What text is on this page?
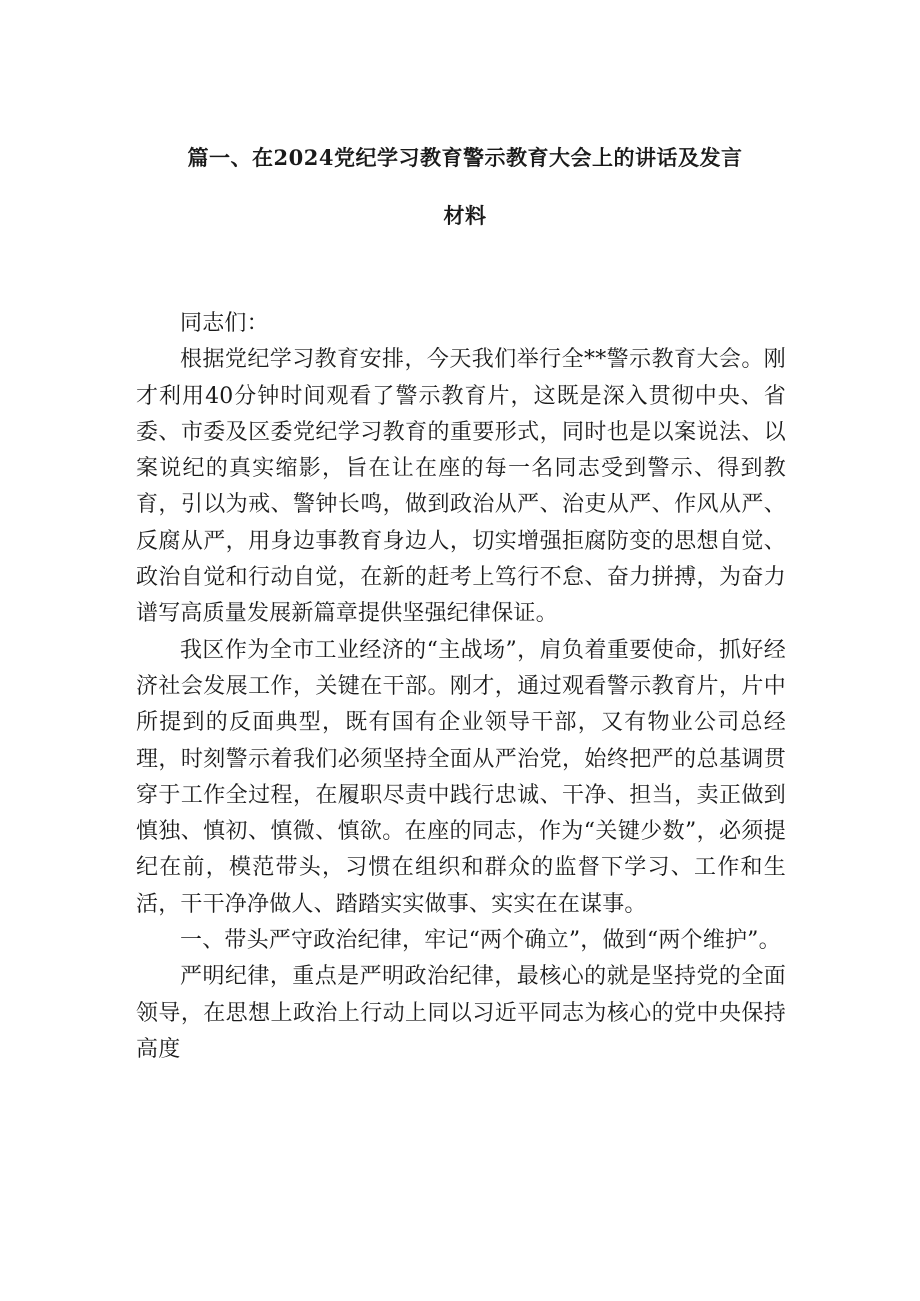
篇一、在2024党纪学习教育警示教育大会上的讲话及发言
材料

同志们：

根据党纪学习教育安排，今天我们举行全**警示教育大会。刚才利用40分钟时间观看了警示教育片，这既是深入贯彻中央、省委、市委及区委党纪学习教育的重要形式，同时也是以案说法、以案说纪的真实缩影，旨在让在座的每一名同志受到警示、得到教育，引以为戒、警钟长鸣，做到政治从严、治吏从严、作风从严、反腐从严，用身边事教育身边人，切实增强拒腐防变的思想自觉、政治自觉和行动自觉，在新的赶考上笃行不怠、奋力拼搏，为奋力谱写高质量发展新篇章提供坚强纪律保证。

我区作为全市工业经济的“主战场”，肩负着重要使命，抓好经济社会发展工作，关键在干部。刚才，通过观看警示教育片，片中所提到的反面典型，既有国有企业领导干部，又有物业公司总经理，时刻警示着我们必须坚持全面从严治党，始终把严的总基调贯穿于工作全过程，在履职尽责中践行忠诚、干净、担当，卖正做到慎独、慎初、慎微、慎欲。在座的同志，作为“关键少数”，必须提纪在前，模范带头，习惯在组织和群众的监督下学习、工作和生活，干干净净做人、踏踏实实做事、实实在在谋事。

一、带头严守政治纪律，牢记“两个确立”，做到“两个维护”。

严明纪律，重点是严明政治纪律，最核心的就是坚持党的全面领导，在思想上政治上行动上同以习近平同志为核心的党中央保持高度
